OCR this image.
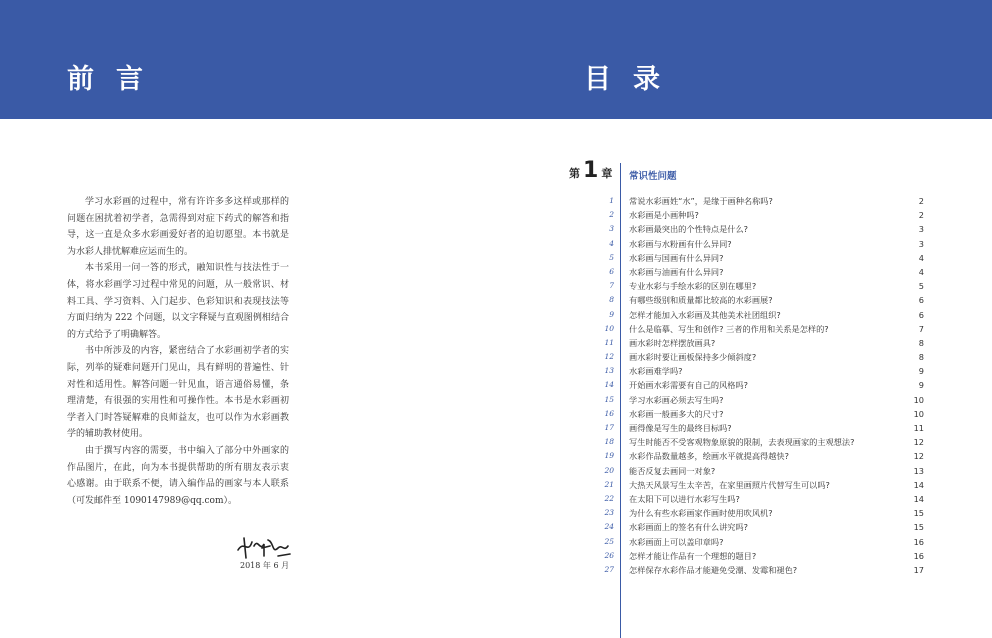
前言	目录

学习水彩画的过程中，常有许许多多这样或那样的问题在困扰着初学者，急需得到对症下药式的解答和指导，这一直是众多水彩画爱好者的迫切愿望。本书就是为水彩人排忧解难应运而生的。

本书采用一问一答的形式，融知识性与技法性于一体，将水彩画学习过程中常见的问题，从一般常识、材料工具、学习资料、入门起步、色彩知识和表现技法等方面归纳为 222 个问题，以文字释疑与直观图例相结合的方式给予了明确解答。

书中所涉及的内容，紧密结合了水彩画初学者的实际，列举的疑难问题开门见山，具有鲜明的普遍性、针对性和适用性。解答问题一针见血，语言通俗易懂，条理清楚，有很强的实用性和可操作性。本书是水彩画初学者入门时答疑解难的良师益友，也可以作为水彩画教学的辅助教材使用。

由于撰写内容的需要，书中编入了部分中外画家的作品图片，在此，向为本书提供帮助的所有朋友表示衷心感谢。由于联系不便，请入编作品的画家与本人联系（可发邮件至 1090147989@qq.com）。

2018 年 6 月
第 1 章 常识性问题
1 常说水彩画姓“水”，是缘于画种名称吗?	2
2 水彩画是小画种吗?	2
3 水彩画最突出的个性特点是什么?	3
4 水彩画与水粉画有什么异同?	3
5 水彩画与国画有什么异同?	4
6 水彩画与油画有什么异同?	4
7 专业水彩与手绘水彩的区别在哪里?	5
8 有哪些级别和质量都比较高的水彩画展?	6
9 怎样才能加入水彩画及其他美术社团组织?	6
10 什么是临摹、写生和创作? 三者的作用和关系是怎样的?	7
11 画水彩时怎样摆放画具?	8
12 画水彩时要让画板保持多少倾斜度?	8
13 水彩画难学吗?	9
14 开始画水彩需要有自己的风格吗?	9
15 学习水彩画必须去写生吗?	10
16 水彩画一般画多大的尺寸?	10
17 画得像是写生的最终目标吗?	11
18 写生时能否不受客观物象原貌的限制，去表现画家的主观想法?	12
19 水彩作品数量越多，绘画水平就提高得越快?	12
20 能否反复去画同一对象?	13
21 大热天风景写生太辛苦，在家里画照片代替写生可以吗?	14
22 在太阳下可以进行水彩写生吗?	14
23 为什么有些水彩画家作画时使用吹风机?	15
24 水彩画面上的签名有什么讲究吗?	15
25 水彩画面上可以盖印章吗?	16
26 怎样才能让作品有一个理想的题目?	16
27 怎样保存水彩作品才能避免受潮、发霉和褪色?	17
